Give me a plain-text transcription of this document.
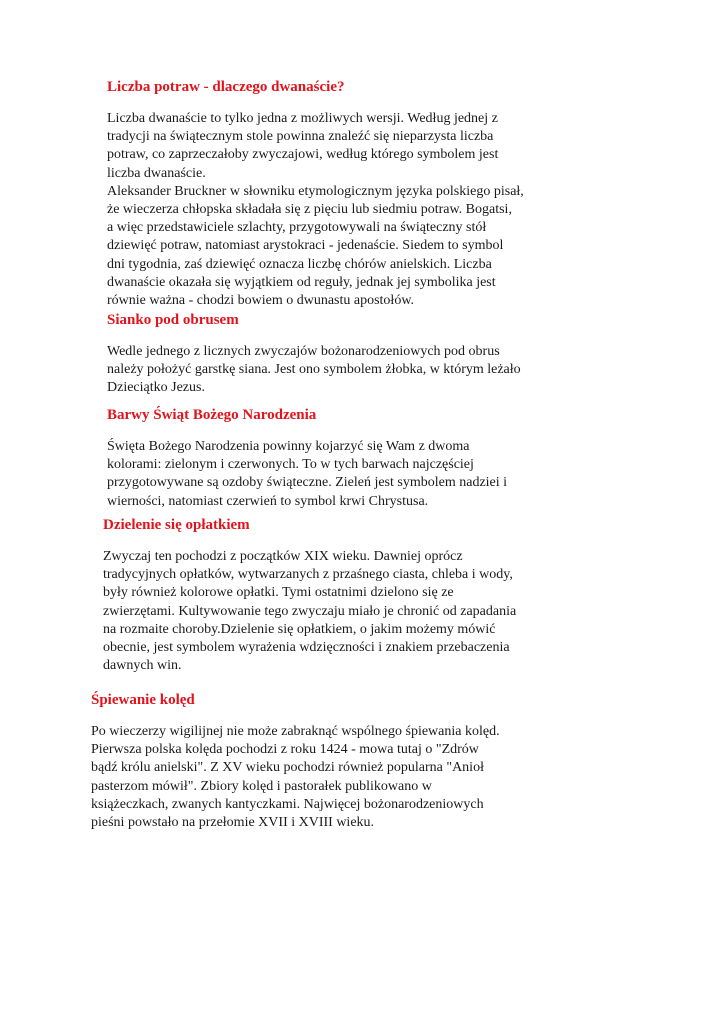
Liczba potraw - dlaczego dwanaście?

Liczba dwanaście to tylko jedna z możliwych wersji. Według jednej z
tradycji na świątecznym stole powinna znaleźć się nieparzysta liczba
potraw, co zaprzeczałoby zwyczajowi, według którego symbolem jest
liczba dwanaście.
Aleksander Bruckner w słowniku etymologicznym języka polskiego pisał,
że wieczerza chłopska składała się z pięciu lub siedmiu potraw. Bogatsi,
a więc przedstawiciele szlachty, przygotowywali na świąteczny stół
dziewięć potraw, natomiast arystokraci - jedenaście. Siedem to symbol
dni tygodnia, zaś dziewięć oznacza liczbę chórów anielskich. Liczba
dwanaście okazała się wyjątkiem od reguły, jednak jej symbolika jest
równie ważna - chodzi bowiem o dwunastu apostołów.

Sianko pod obrusem

Wedle jednego z licznych zwyczajów bożonarodzeniowych pod obrus
należy położyć garstkę siana. Jest ono symbolem żłobka, w którym leżało
Dzieciątko Jezus.

Barwy Świąt Bożego Narodzenia

Święta Bożego Narodzenia powinny kojarzyć się Wam z dwoma
kolorami: zielonym i czerwonych. To w tych barwach najczęściej
przygotowywane są ozdoby świąteczne. Zieleń jest symbolem nadziei i
wierności, natomiast czerwień to symbol krwi Chrystusa.

Dzielenie się opłatkiem

Zwyczaj ten pochodzi z początków XIX wieku. Dawniej oprócz
tradycyjnych opłatków, wytwarzanych z przaśnego ciasta, chleba i wody,
były również kolorowe opłatki. Tymi ostatnimi dzielono się ze
zwierzętami. Kultywowanie tego zwyczaju miało je chronić od zapadania
na rozmaite choroby.Dzielenie się opłatkiem, o jakim możemy mówić
obecnie, jest symbolem wyrażenia wdzięczności i znakiem przebaczenia
dawnych win.

Śpiewanie kolęd

Po wieczerzy wigilijnej nie może zabraknąć wspólnego śpiewania kolęd.
Pierwsza polska kolęda pochodzi z roku 1424 - mowa tutaj o "Zdrów
bądź królu anielski". Z XV wieku pochodzi również popularna "Anioł
pasterzom mówił". Zbiory kolęd i pastorałek publikowano w
książeczkach, zwanych kantyczkami. Najwięcej bożonarodzeniowych
pieśni powstało na przełomie XVII i XVIII wieku.
